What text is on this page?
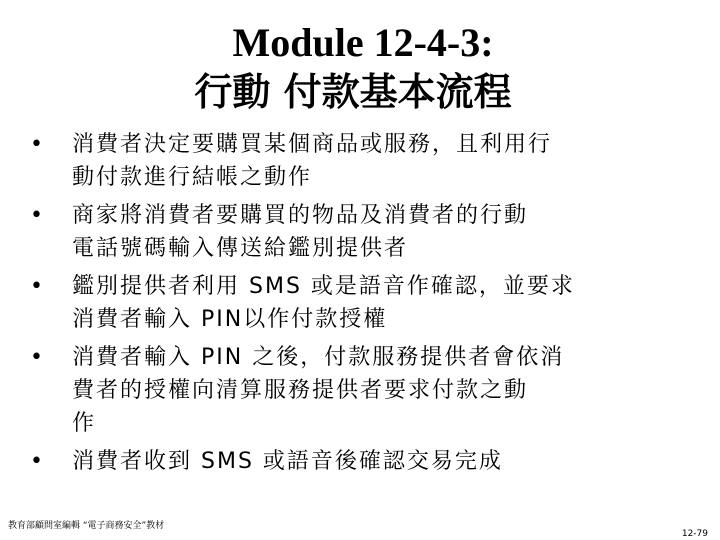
Module 12-4-3:
行動 付款基本流程
• 消費者決定要購買某個商品或服務，且利用行
動付款進行結帳之動作
• 商家將消費者要購買的物品及消費者的行動
電話號碼輸入傳送給鑑別提供者
• 鑑別提供者利用 SMS 或是語音作確認，並要求
消費者輸入 PIN以作付款授權
• 消費者輸入 PIN 之後，付款服務提供者會依消
費者的授權向清算服務提供者要求付款之動
作
• 消費者收到 SMS 或語音後確認交易完成
教育部顧問室編輯 “電子商務安全”教材
12-79
